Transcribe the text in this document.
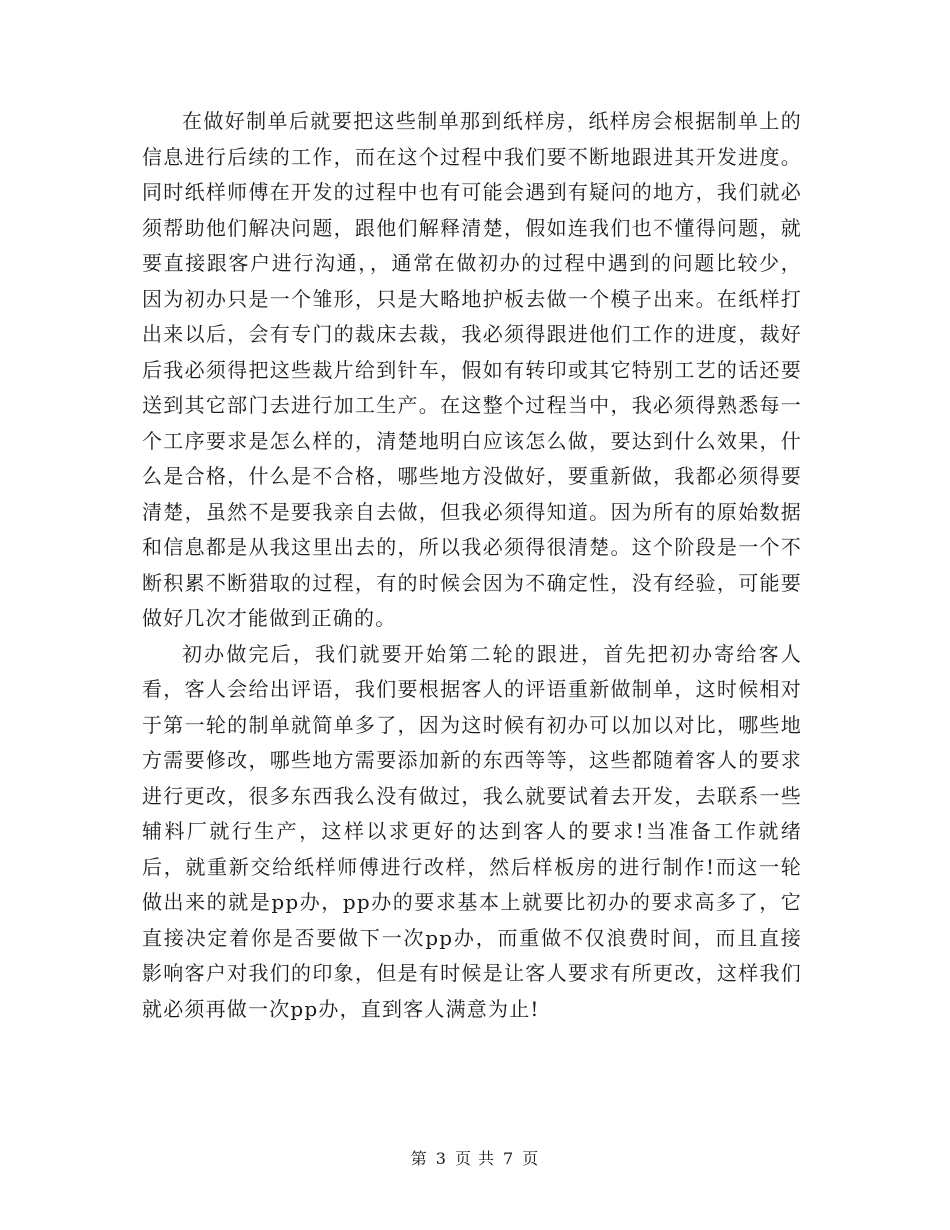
在做好制单后就要把这些制单那到纸样房，纸样房会根据制单上的信息进行后续的工作，而在这个过程中我们要不断地跟进其开发进度。同时纸样师傅在开发的过程中也有可能会遇到有疑问的地方，我们就必须帮助他们解决问题，跟他们解释清楚，假如连我们也不懂得问题，就要直接跟客户进行沟通，，通常在做初办的过程中遇到的问题比较少，因为初办只是一个雏形，只是大略地护板去做一个模子出来。在纸样打出来以后，会有专门的裁床去裁，我必须得跟进他们工作的进度，裁好后我必须得把这些裁片给到针车，假如有转印或其它特别工艺的话还要送到其它部门去进行加工生产。在这整个过程当中，我必须得熟悉每一个工序要求是怎么样的，清楚地明白应该怎么做，要达到什么效果，什么是合格，什么是不合格，哪些地方没做好，要重新做，我都必须得要清楚，虽然不是要我亲自去做，但我必须得知道。因为所有的原始数据和信息都是从我这里出去的，所以我必须得很清楚。这个阶段是一个不断积累不断猎取的过程，有的时候会因为不确定性，没有经验，可能要做好几次才能做到正确的。

初办做完后，我们就要开始第二轮的跟进，首先把初办寄给客人看，客人会给出评语，我们要根据客人的评语重新做制单，这时候相对于第一轮的制单就简单多了，因为这时候有初办可以加以对比，哪些地方需要修改，哪些地方需要添加新的东西等等，这些都随着客人的要求进行更改，很多东西我么没有做过，我么就要试着去开发，去联系一些辅料厂就行生产，这样以求更好的达到客人的要求!当准备工作就绪后，就重新交给纸样师傅进行改样，然后样板房的进行制作!而这一轮做出来的就是pp办，pp办的要求基本上就要比初办的要求高多了，它直接决定着你是否要做下一次pp办，而重做不仅浪费时间，而且直接影响客户对我们的印象，但是有时候是让客人要求有所更改，这样我们就必须再做一次pp办，直到客人满意为止!

第 3 页 共 7 页
